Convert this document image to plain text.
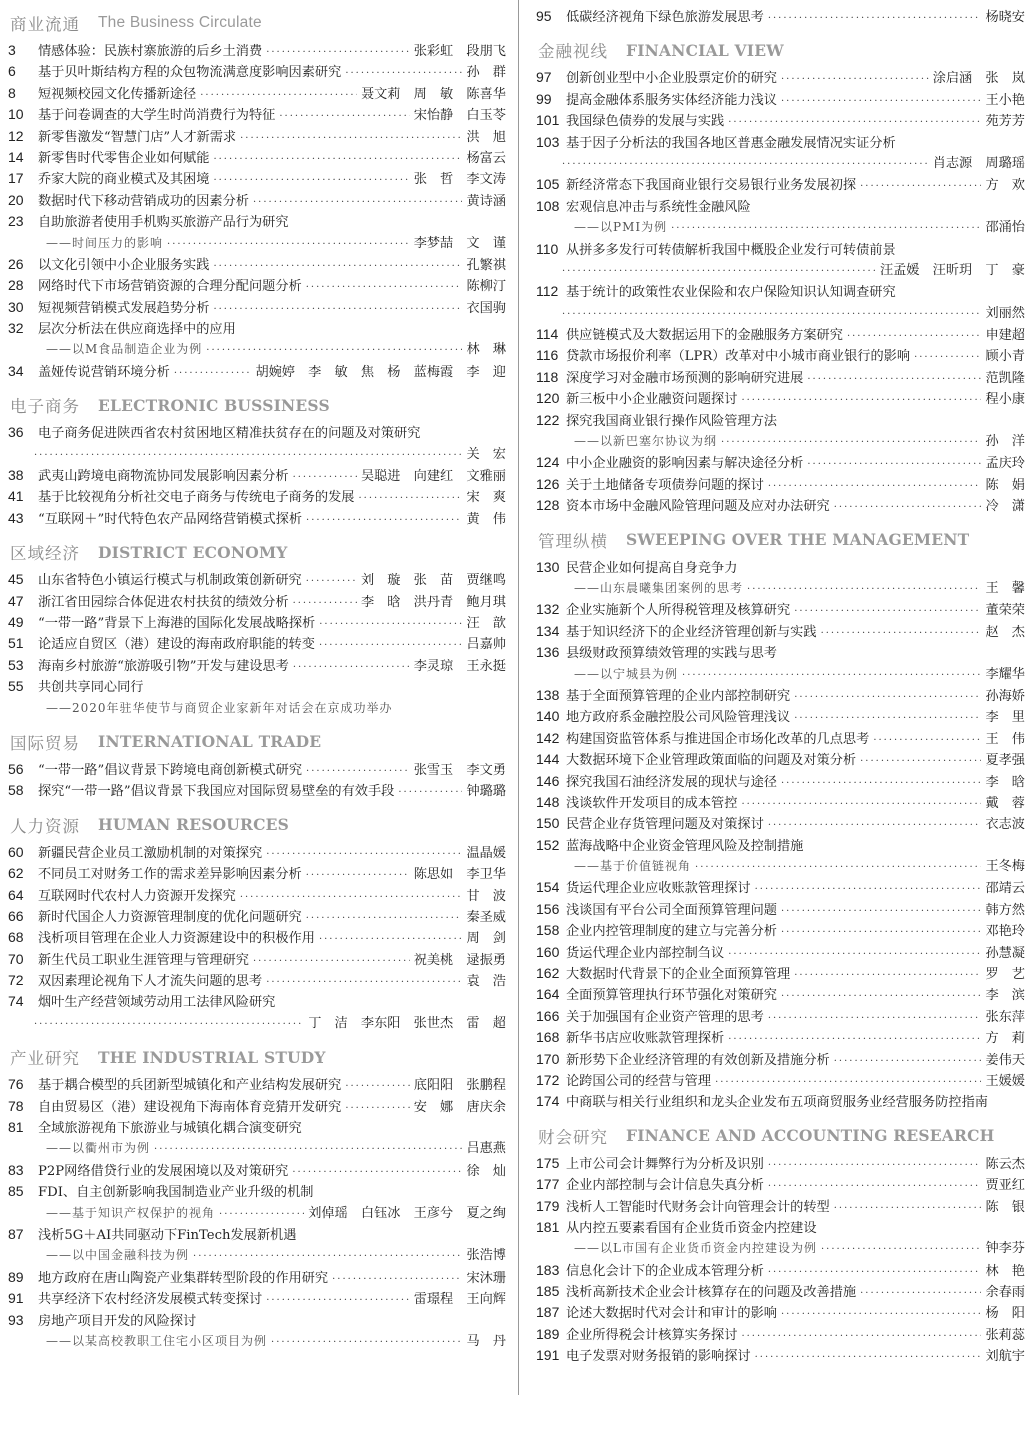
商业流通 The Business Circulate
3	情感体验：民族村寨旅游的后乡土消费 ·····	张彩虹　段朋飞
6	基于贝叶斯结构方程的众包物流满意度影响因素研究 ·····	孙　群
8	短视频校园文化传播新途径 ·····	聂文莉　周　敏　陈喜华
10	基于问卷调查的大学生时尚消费行为特征 ·····	宋怡静　白玉苓
12	新零售激发“智慧门店”人才新需求 ·····	洪　旭
14	新零售时代零售企业如何赋能 ·····	杨富云
17	乔家大院的商业模式及其困境 ·····	张　哲　李文涛
20	数据时代下移动营销成功的因素分析 ·····	黄诗涵
23	自助旅游者使用手机购买旅游产品行为研究
——时间压力的影响 ·····	李梦喆　文　谨
26	以文化引领中小企业服务实践 ·····	孔繁祺
28	网络时代下市场营销资源的合理分配问题分析 ·····	陈柳汀
30	短视频营销模式发展趋势分析 ·····	衣国驹
32	层次分析法在供应商选择中的应用
——以M食品制造企业为例 ·····	林　琳
34	盖娅传说营销环境分析 ·····	胡婉婷　李　敏　焦　杨　蓝梅霞　李　迎
电子商务 ELECTRONIC BUSSINESS
36	电子商务促进陕西省农村贫困地区精准扶贫存在的问题及对策研究
·····
关　宏
38	武夷山跨境电商物流协同发展影响因素分析 ·····	吴聪进　向建红　文雅丽
41	基于比较视角分析社交电子商务与传统电子商务的发展 ·····	宋　爽
43	“互联网＋”时代特色农产品网络营销模式探析 ·····	黄　伟
区域经济 DISTRICT ECONOMY
45	山东省特色小镇运行模式与机制政策创新研究 ·····	刘　璇　张　苗　贾继鸣
47	浙江省田园综合体促进农村扶贫的绩效分析 ·····	李　晗　洪丹青　鲍月琪
49	“一带一路”背景下上海港的国际化发展战略探析 ·····	汪　歆
51	论适应自贸区（港）建设的海南政府职能的转变 ·····	吕嘉帅
53	海南乡村旅游“旅游吸引物”开发与建设思考 ·····	李灵琼　王永挺
55	共创共享同心同行
——2020年驻华使节与商贸企业家新年对话会在京成功举办
国际贸易 INTERNATIONAL TRADE
56	“一带一路”倡议背景下跨境电商创新模式研究 ·····	张雪玉　李文勇
58	探究“一带一路”倡议背景下我国应对国际贸易壁垒的有效手段 ·····	钟璐璐
人力资源 HUMAN RESOURCES
60	新疆民营企业员工激励机制的对策探究 ·····	温晶媛
62	不同员工对财务工作的需求差异影响因素分析 ·····	陈思如　李卫华
64	互联网时代农村人力资源开发探究 ·····	甘　波
66	新时代国企人力资源管理制度的优化问题研究 ·····	秦圣威
68	浅析项目管理在企业人力资源建设中的积极作用 ·····	周　剑
70	新生代员工职业生涯管理与管理研究 ·····	祝美桃　逯振勇
72	双因素理论视角下人才流失问题的思考 ·····	袁　浩
74	烟叶生产经营领域劳动用工法律风险研究
·····
丁　洁　李东阳　张世杰　雷　超
产业研究 THE INDUSTRIAL STUDY
76	基于耦合模型的兵团新型城镇化和产业结构发展研究 ·····	底阳阳　张鹏程
78	自由贸易区（港）建设视角下海南体育竞猜开发研究 ·····	安　娜　唐庆余
81	全域旅游视角下旅游业与城镇化耦合演变研究
——以衢州市为例 ·····	吕惠燕
83	P2P网络借贷行业的发展困境以及对策研究 ·····	徐　灿
85	FDI、自主创新影响我国制造业产业升级的机制
——基于知识产权保护的视角 ·····	刘倬瑶　白钰冰　王彦兮　夏之绚
87	浅析5G＋AI共同驱动下FinTech发展新机遇
——以中国金融科技为例 ·····	张浩博
89	地方政府在唐山陶瓷产业集群转型阶段的作用研究 ·····	宋沐珊
91	共享经济下农村经济发展模式转变探讨 ·····	雷璟程　王向辉
93	房地产项目开发的风险探讨
——以某高校教职工住宅小区项目为例 ·····	马　丹
95	低碳经济视角下绿色旅游发展思考 ·····	杨晓安
金融视线 FINANCIAL VIEW
97	创新创业型中小企业股票定价的研究 ·····	涂启涵　张　岚
99	提高金融体系服务实体经济能力浅议 ·····	王小艳
101 我国绿色债券的发展与实践 ·····	苑芳芳
103 基于因子分析法的我国各地区普惠金融发展情况实证分析
·····
肖志源　周璐瑶
105 新经济常态下我国商业银行交易银行业务发展初探 ·····	方　欢
108 宏观信息冲击与系统性金融风险
——以PMI为例 ·····	邵涌怡
110 从拼多多发行可转债解析我国中概股企业发行可转债前景
·····
汪孟媛　汪昕玥　丁　豪
112 基于统计的政策性农业保险和农户保险知识认知调查研究
·····
刘丽然
114 供应链模式及大数据运用下的金融服务方案研究 ·····	申建超
116 贷款市场报价利率（LPR）改革对中小城市商业银行的影响 ·····	顾小青
118 深度学习对金融市场预测的影响研究进展 ·····	范凯隆
120 新三板中小企业融资问题探讨 ·····	程小康
122 探究我国商业银行操作风险管理方法
——以新巴塞尔协议为纲 ·····	孙　洋
124 中小企业融资的影响因素与解决途径分析 ·····	孟庆玲
126 关于土地储备专项债券问题的探讨 ·····	陈　娟
128 资本市场中金融风险管理问题及应对办法研究 ·····	冷　潇
管理纵横 SWEEPING OVER THE MANAGEMENT
130 民营企业如何提高自身竞争力
——山东晨曦集团案例的思考 ·····	王　馨
132 企业实施新个人所得税管理及核算研究 ·····	董荣荣
134 基于知识经济下的企业经济管理创新与实践 ·····	赵　杰
136 县级财政预算绩效管理的实践与思考
——以宁城县为例 ·····	李耀华
138 基于全面预算管理的企业内部控制研究 ·····	孙海娇
140 地方政府系金融控股公司风险管理浅议 ·····	李　里
142 构建国资监管体系与推进国企市场化改革的几点思考 ·····	王　伟
144 大数据环境下企业管理政策面临的问题及对策分析 ·····	夏孝强
146 探究我国石油经济发展的现状与途径 ·····	李　晗
148 浅谈软件开发项目的成本管控 ·····	戴　蓉
150 民营企业存货管理问题及对策探讨 ·····	衣志波
152 蓝海战略中企业资金管理风险及控制措施
——基于价值链视角 ·····	王冬梅
154 货运代理企业应收账款管理探讨 ·····	邵靖云
156 浅谈国有平台公司全面预算管理问题 ·····	韩方然
158 企业内控管理制度的建立与完善分析 ·····	邓艳玲
160 货运代理企业内部控制刍议 ·····	孙慧凝
162 大数据时代背景下的企业全面预算管理 ·····	罗　艺
164 全面预算管理执行环节强化对策研究 ·····	李　滨
166 关于加强国有企业资产管理的思考 ·····	张东萍
168 新华书店应收账款管理探析 ·····	方　莉
170 新形势下企业经济管理的有效创新及措施分析 ·····	姜伟天
172 论跨国公司的经营与管理 ·····	王媛媛
174 中商联与相关行业组织和龙头企业发布五项商贸服务业经营服务防控指南
财会研究 FINANCE AND ACCOUNTING RESEARCH
175 上市公司会计舞弊行为分析及识别 ·····	陈云杰
177 企业内部控制与会计信息失真分析 ·····	贾亚红
179 浅析人工智能时代财务会计向管理会计的转型 ·····	陈　银
181 从内控五要素看国有企业货币资金内控建设
——以L市国有企业货币资金内控建设为例 ·····	钟李芬
183 信息化会计下的企业成本管理分析 ·····	林　艳
185 浅析高新技术企业会计核算存在的问题及改善措施 ·····	余春雨
187 论述大数据时代对会计和审计的影响 ·····	杨　阳
189 企业所得税会计核算实务探讨 ·····	张莉蕊
191 电子发票对财务报销的影响探讨 ·····	刘航宇
